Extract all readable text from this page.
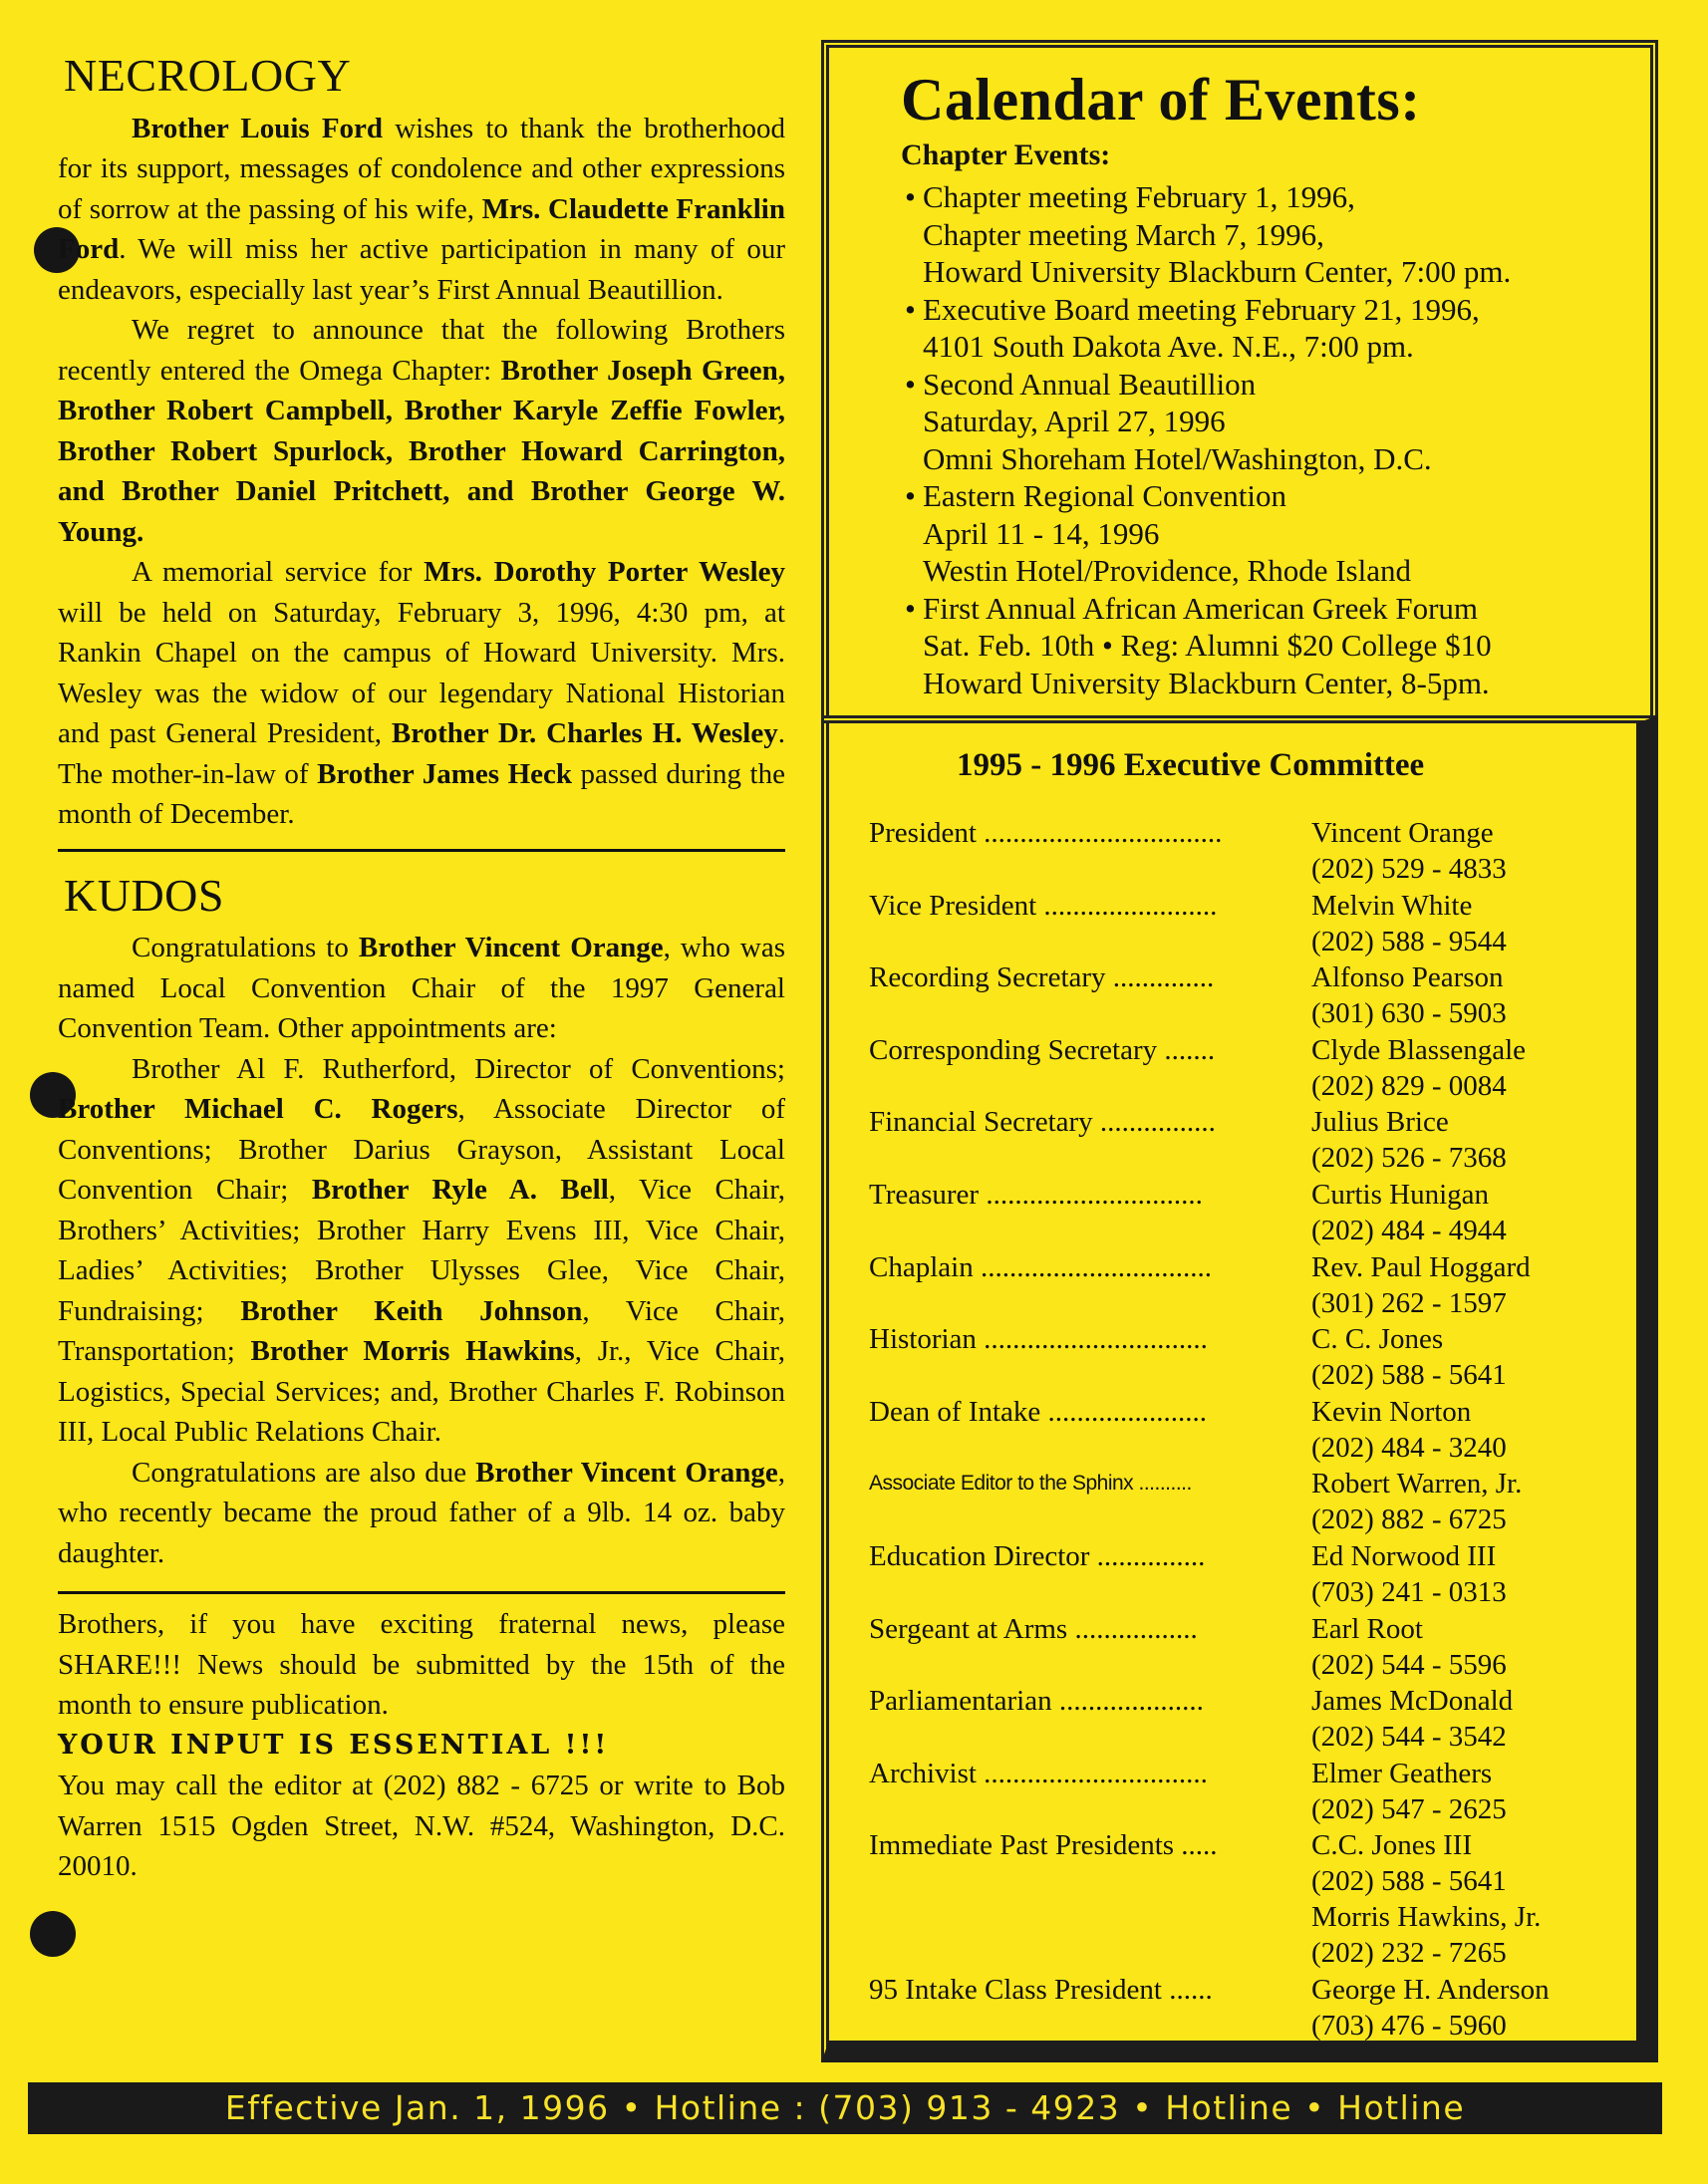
NECROLOGY

Brother Louis Ford wishes to thank the brotherhood for its support, messages of condolence and other expressions of sorrow at the passing of his wife, Mrs. Claudette Franklin Ford. We will miss her active participation in many of our endeavors, especially last year’s First Annual Beautillion.

We regret to announce that the following Brothers recently entered the Omega Chapter: Brother Joseph Green, Brother Robert Campbell, Brother Karyle Zeffie Fowler, Brother Robert Spurlock, Brother Howard Carrington, and Brother Daniel Pritchett, and Brother George W. Young.

A memorial service for Mrs. Dorothy Porter Wesley will be held on Saturday, February 3, 1996, 4:30 pm, at Rankin Chapel on the campus of Howard University. Mrs. Wesley was the widow of our legendary National Historian and past General President, Brother Dr. Charles H. Wesley. The mother-in-law of Brother James Heck passed during the month of December.

KUDOS

Congratulations to Brother Vincent Orange, who was named Local Convention Chair of the 1997 General Convention Team. Other appointments are:

Brother Al F. Rutherford, Director of Conventions; Brother Michael C. Rogers, Associate Director of Conventions; Brother Darius Grayson, Assistant Local Convention Chair; Brother Ryle A. Bell, Vice Chair, Brothers’ Activities; Brother Harry Evens III, Vice Chair, Ladies’ Activities; Brother Ulysses Glee, Vice Chair, Fundraising; Brother Keith Johnson, Vice Chair, Transportation; Brother Morris Hawkins, Jr., Vice Chair, Logistics, Special Services; and, Brother Charles F. Robinson III, Local Public Relations Chair.

Congratulations are also due Brother Vincent Orange, who recently became the proud father of a 9lb. 14 oz. baby daughter.

Brothers, if you have exciting fraternal news, please SHARE!!! News should be submitted by the 15th of the month to ensure publication.

YOUR INPUT IS ESSENTIAL !!!

You may call the editor at (202) 882 - 6725 or write to Bob Warren 1515 Ogden Street, N.W. #524, Washington, D.C. 20010.

Calendar of Events:
Chapter Events:
• Chapter meeting February 1, 1996,
Chapter meeting March 7, 1996,
Howard University Blackburn Center, 7:00 pm.
• Executive Board meeting February 21, 1996,
4101 South Dakota Ave. N.E., 7:00 pm.
• Second Annual Beautillion
Saturday, April 27, 1996
Omni Shoreham Hotel/Washington, D.C.
• Eastern Regional Convention
April 11 - 14, 1996
Westin Hotel/Providence, Rhode Island
• First Annual African American Greek Forum
Sat. Feb. 10th • Reg: Alumni $20 College $10
Howard University Blackburn Center, 8-5pm.
1995 - 1996 Executive Committee
President .................................	Vincent Orange
(202) 529 - 4833
Vice President ........................	Melvin White
(202) 588 - 9544
Recording Secretary ..............	Alfonso Pearson
(301) 630 - 5903
Corresponding Secretary .......	Clyde Blassengale
(202) 829 - 0084
Financial Secretary ................	Julius Brice
(202) 526 - 7368
Treasurer ..............................	Curtis Hunigan
(202) 484 - 4944
Chaplain ................................	Rev. Paul Hoggard
(301) 262 - 1597
Historian ...............................	C. C. Jones
(202) 588 - 5641
Dean of Intake ......................	Kevin Norton
(202) 484 - 3240
Associate Editor to the Sphinx ..........	Robert Warren, Jr.
(202) 882 - 6725
Education Director ...............	Ed Norwood III
(703) 241 - 0313
Sergeant at Arms .................	Earl Root
(202) 544 - 5596
Parliamentarian ....................	James McDonald
(202) 544 - 3542
Archivist ...............................	Elmer Geathers
(202) 547 - 2625
Immediate Past Presidents .....	C.C. Jones III
(202) 588 - 5641
Morris Hawkins, Jr.
(202) 232 - 7265
95 Intake Class President ......	George H. Anderson
(703) 476 - 5960
Effective Jan. 1, 1996 • Hotline : (703) 913 - 4923 • Hotline • Hotline
